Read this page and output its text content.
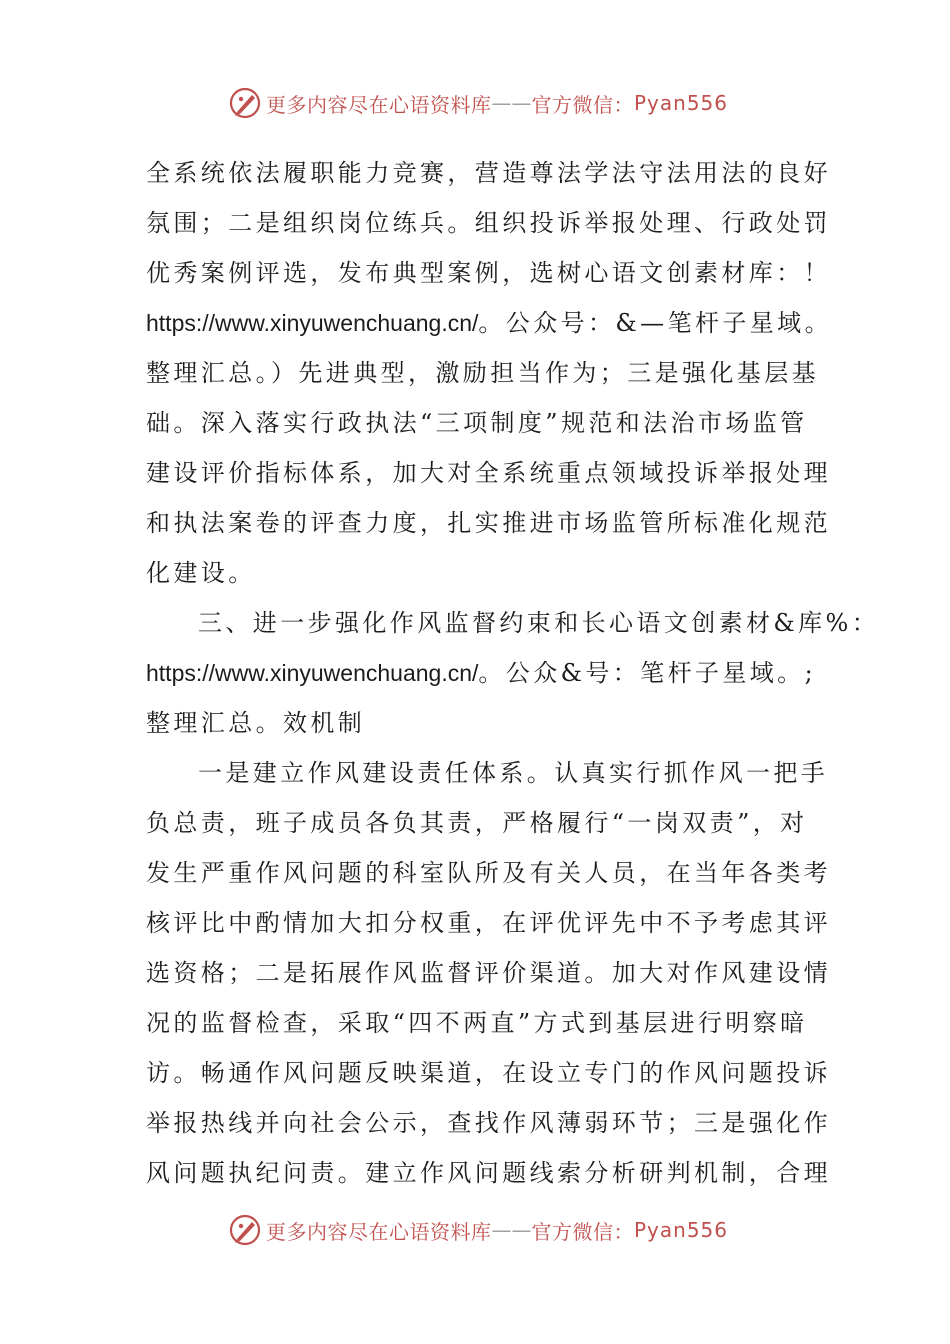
更多内容尽在心语资料库 —— 官方微信： Pyan556
全系统依法履职能力竞赛，营造尊法学法守法用法的良好
氛围；二是组织岗位练兵。组织投诉举报处理、行政处罚
优秀案例评选，发布典型案例，选树心语文创素材库：！
https://www.xinyuwenchuang.cn/。公众号：&—笔杆子星域。
整理汇总。）先进典型，激励担当作为；三是强化基层基
础。深入落实行政执法“三项制度”规范和法治市场监管
建设评价指标体系，加大对全系统重点领域投诉举报处理
和执法案卷的评查力度，扎实推进市场监管所标准化规范
化建设。
三、进一步强化作风监督约束和长心语文创素材&库%：
https://www.xinyuwenchuang.cn/。公众&号：笔杆子星域。;
整理汇总。效机制
一是建立作风建设责任体系。认真实行抓作风一把手
负总责，班子成员各负其责，严格履行“一岗双责”，对
发生严重作风问题的科室队所及有关人员，在当年各类考
核评比中酌情加大扣分权重，在评优评先中不予考虑其评
选资格；二是拓展作风监督评价渠道。加大对作风建设情
况的监督检查，采取“四不两直”方式到基层进行明察暗
访。畅通作风问题反映渠道，在设立专门的作风问题投诉
举报热线并向社会公示，查找作风薄弱环节；三是强化作
风问题执纪问责。建立作风问题线索分析研判机制，合理
更多内容尽在心语资料库 —— 官方微信： Pyan556
